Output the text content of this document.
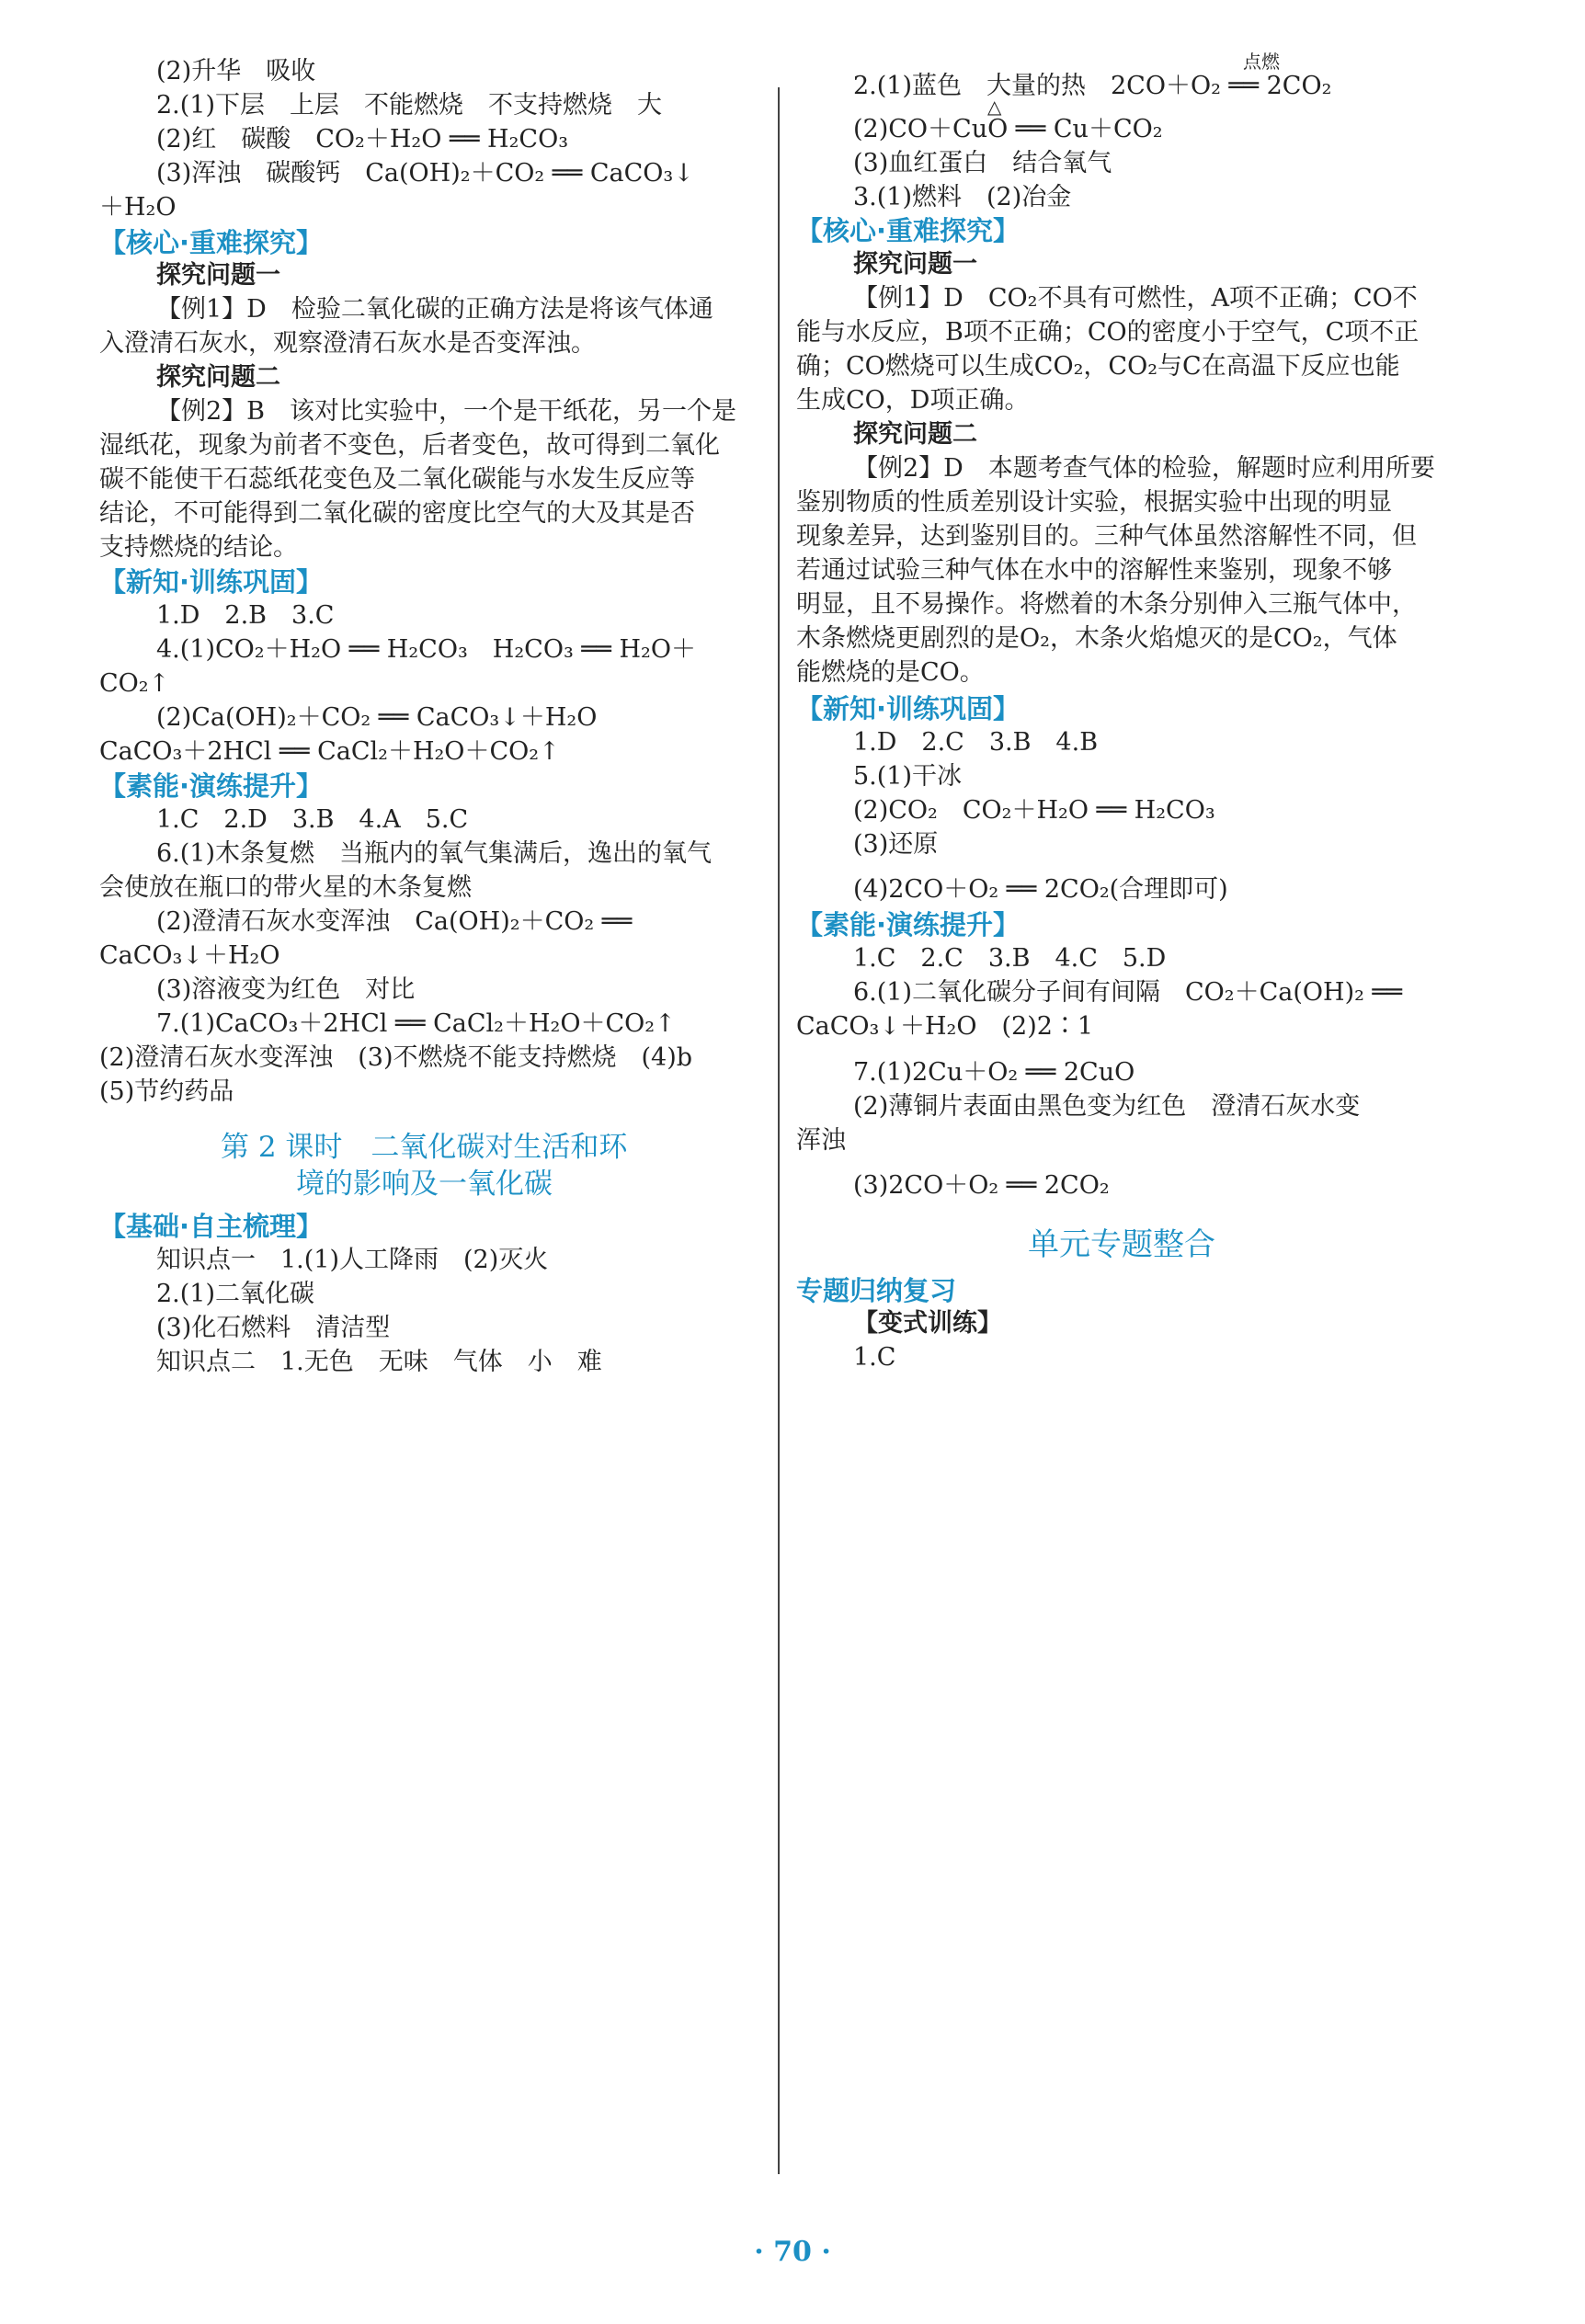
(2)升华　吸收
2.(1)下层　上层　不能燃烧　不支持燃烧　大
(2)红　碳酸　CO₂＋H₂O ══ H₂CO₃
(3)浑浊　碳酸钙　Ca(OH)₂＋CO₂ ══ CaCO₃↓
＋H₂O
【核心·重难探究】
探究问题一
【例1】D　检验二氧化碳的正确方法是将该气体通
入澄清石灰水，观察澄清石灰水是否变浑浊。
探究问题二
【例2】B　该对比实验中，一个是干纸花，另一个是
湿纸花，现象为前者不变色，后者变色，故可得到二氧化
碳不能使干石蕊纸花变色及二氧化碳能与水发生反应等
结论，不可能得到二氧化碳的密度比空气的大及其是否
支持燃烧的结论。
【新知·训练巩固】
1.D　2.B　3.C
4.(1)CO₂＋H₂O ══ H₂CO₃　H₂CO₃ ══ H₂O＋
CO₂↑
(2)Ca(OH)₂＋CO₂ ══ CaCO₃↓＋H₂O
CaCO₃＋2HCl ══ CaCl₂＋H₂O＋CO₂↑
【素能·演练提升】
1.C　2.D　3.B　4.A　5.C
6.(1)木条复燃　当瓶内的氧气集满后，逸出的氧气
会使放在瓶口的带火星的木条复燃
(2)澄清石灰水变浑浊　Ca(OH)₂＋CO₂ ══
CaCO₃↓＋H₂O
(3)溶液变为红色　对比
7.(1)CaCO₃＋2HCl ══ CaCl₂＋H₂O＋CO₂↑
(2)澄清石灰水变浑浊　(3)不燃烧不能支持燃烧　(4)b
(5)节约药品
第 2 课时　二氧化碳对生活和环
境的影响及一氧化碳
【基础·自主梳理】
知识点一　1.(1)人工降雨　(2)灭火
2.(1)二氧化碳
(3)化石燃料　清洁型
知识点二　1.无色　无味　气体　小　难
2.(1)蓝色　大量的热　2CO＋O₂ ══ 2CO₂
(2)CO＋CuO ══ Cu＋CO₂
(3)血红蛋白　结合氧气
3.(1)燃料　(2)冶金
【核心·重难探究】
探究问题一
【例1】D　CO₂不具有可燃性，A项不正确；CO不
能与水反应，B项不正确；CO的密度小于空气，C项不正
确；CO燃烧可以生成CO₂，CO₂与C在高温下反应也能
生成CO，D项正确。
探究问题二
【例2】D　本题考查气体的检验，解题时应利用所要
鉴别物质的性质差别设计实验，根据实验中出现的明显
现象差异，达到鉴别目的。三种气体虽然溶解性不同，但
若通过试验三种气体在水中的溶解性来鉴别，现象不够
明显，且不易操作。将燃着的木条分别伸入三瓶气体中，
木条燃烧更剧烈的是O₂，木条火焰熄灭的是CO₂，气体
能燃烧的是CO。
【新知·训练巩固】
1.D　2.C　3.B　4.B
5.(1)干冰
(2)CO₂　CO₂＋H₂O ══ H₂CO₃
(3)还原
(4)2CO＋O₂ ══ 2CO₂(合理即可)
【素能·演练提升】
1.C　2.C　3.B　4.C　5.D
6.(1)二氧化碳分子间有间隔　CO₂＋Ca(OH)₂ ══
CaCO₃↓＋H₂O　(2)2∶1
7.(1)2Cu＋O₂ ══ 2CuO
(2)薄铜片表面由黑色变为红色　澄清石灰水变
浑浊
(3)2CO＋O₂ ══ 2CO₂
单元专题整合
专题归纳复习
【变式训练】
1.C
点燃
△
· 70 ·
